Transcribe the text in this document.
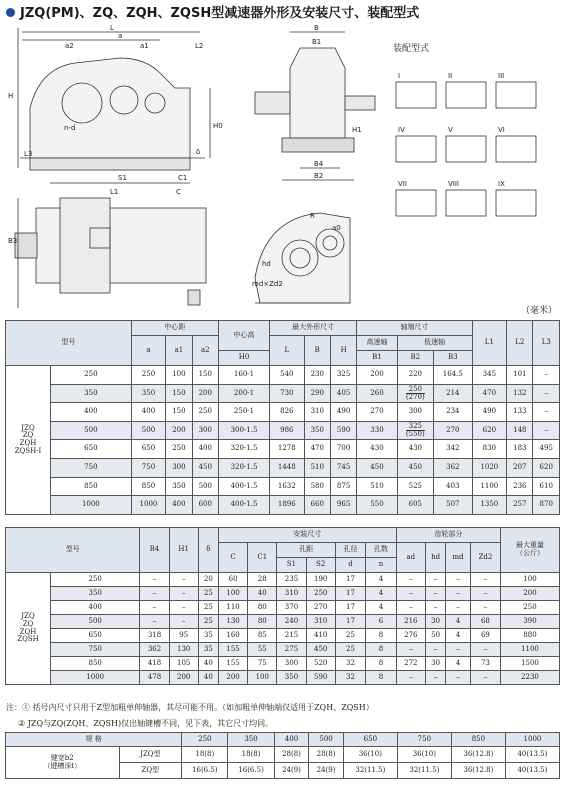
JZQ(PM)、ZQ、ZQH、ZQSH型减速器外形及安装尺寸、装配型式
装配型式
I	II	III
IV	V	VI
VII	VIII	IX
L
a
a2	a1	L2
H
H0
δ
L3
S1	C1
C
L1
n-d
B3
B
B1
B4
B2
H1
a0
R
hd
md×Zd2
（毫米）
型号		中心距			中心高	最大外形尺寸			轴端尺寸			L1	L2	L3
		a	a1	a2		L	B	H	高速轴	低速轴				
					H0				B1	B2	B3			
JZQ
ZQ
ZQH
ZQSH-I	250	250	100	150	160-1	540	230	325	200	220	164.5	345	101	–
	350	350	150	200	200-1	730	290	405	260	$\frac{250}{(270)}$	214	470	132	–
	400	400	150	250	250-1	826	310	490	270	300	234	490	133	–
	500	500	200	300	300-1.5	986	350	590	330	$\frac{325}{(550)}$	270	620	148	–
	650	650	250	400	320-1.5	1278	470	700	430	430	342	830	183	495
	750	750	300	450	320-1.5	1448	510	745	450	450	362	1020	207	620
	850	850	350	500	400-1.5	1632	580	875	510	525	403	1100	236	610
	1000	1000	400	600	400-1.5	1896	660	965	550	605	507	1350	257	870
型号		B4	H1	δ	安装尺寸						齿轮部分				最大重量
（公斤）
					C	C1	孔距		孔径	孔数	ad	hd	md	Zd2	
							S1	S2	d	n					
JZQ
ZQ
ZQH
ZQSH	250	–	–	20	60	28	235	190	17	4	–	–	–	–	100
	350	–	–	25	100	40	310	250	17	4	–	–	–	–	200
	400	–	–	25	110	80	370	270	17	4	–	–	–	–	250
	500	–	–	25	130	80	240	310	17	6	216	30	4	68	390
	650	318	95	35	160	85	215	410	25	8	276	50	4	69	880
	750	362	130	35	155	55	275	450	25	8	–	–	–	–	1100
	850	418	105	40	155	75	300	520	32	8	272	30	4	73	1500
	1000	478	200	40	200	100	350	590	32	8	–	–	–	–	2230
注：① 括号内尺寸只用于Z型加粗单伸轴器，其尽可能不用。（如加粗单伸轴端仅适用于ZQH、ZQSH）
② JZQ与ZQ(ZQH、ZQSH)仅出轴键槽不同，见下表，其它尺寸均同。
规 格		250	350	400	500	650	750	850	1000
键宽b2
（键槽深t）	JZQ型	18(8)	18(8)	28(8)	28(8)	36(10)	36(10)	36(12.8)	40(13.5)
	ZQ型	16(6.5)	16(6.5)	24(9)	24(9)	32(11.5)	32(11.5)	36(12.8)	40(13.5)
